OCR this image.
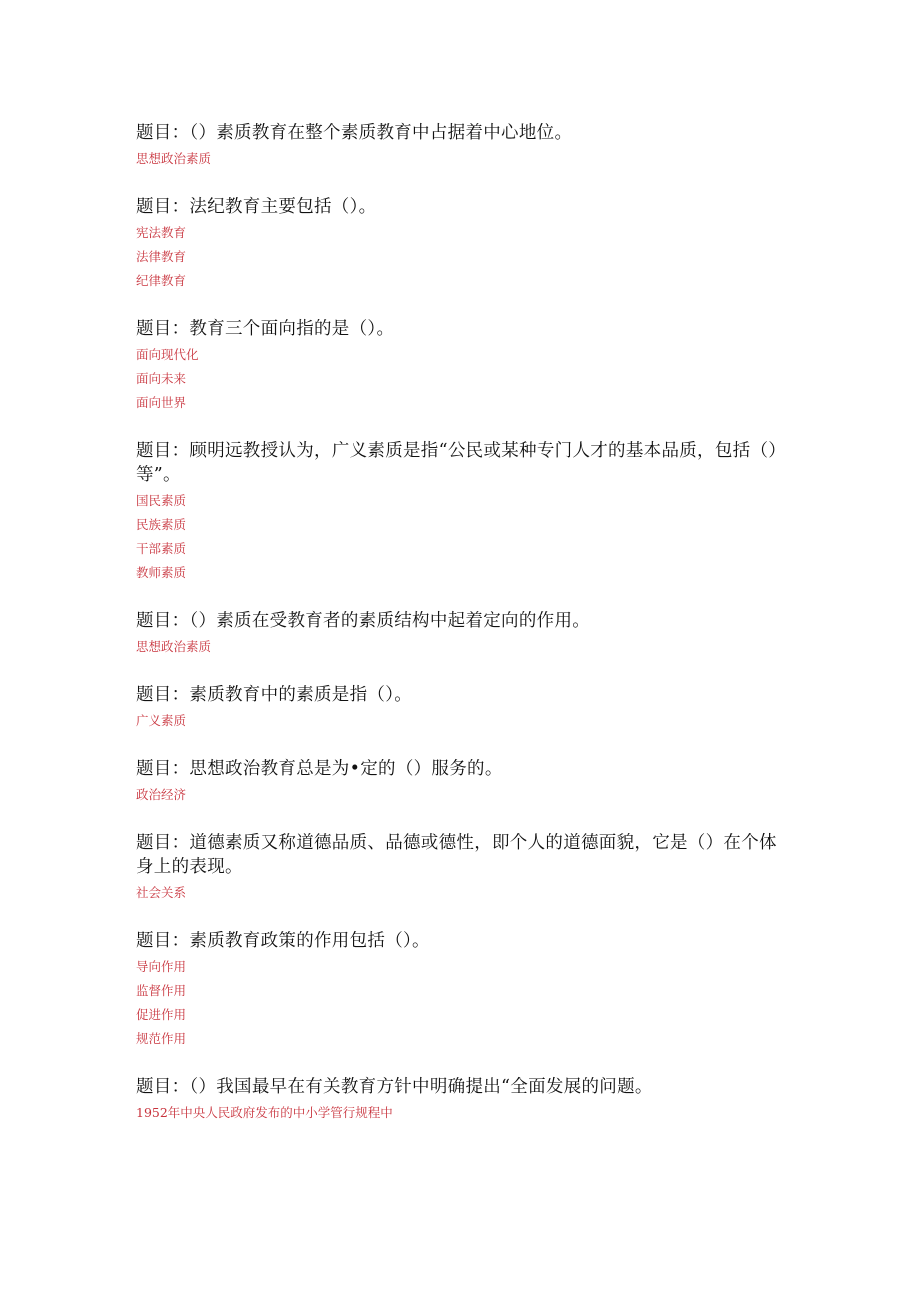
题目：（）素质教育在整个素质教育中占据着中心地位。

思想政治素质

题目：法纪教育主要包括（）。

宪法教育

法律教育

纪律教育

题目：教育三个面向指的是（）。

面向现代化

面向未来

面向世界

题目：顾明远教授认为，广义素质是指“公民或某种专门人才的基本品质，包括（）等”。

国民素质

民族素质

干部素质

教师素质

题目：（）素质在受教育者的素质结构中起着定向的作用。

思想政治素质

题目：素质教育中的素质是指（）。

广义素质

题目：思想政治教育总是为•定的（）服务的。

政治经济

题目：道德素质又称道德品质、品德或德性，即个人的道德面貌，它是（）在个体身上的表现。

社会关系

题目：素质教育政策的作用包括（）。

导向作用

监督作用

促进作用

规范作用

题目：（）我国最早在有关教育方针中明确提出“全面发展的问题。

1952年中央人民政府发布的中小学管行规程中
